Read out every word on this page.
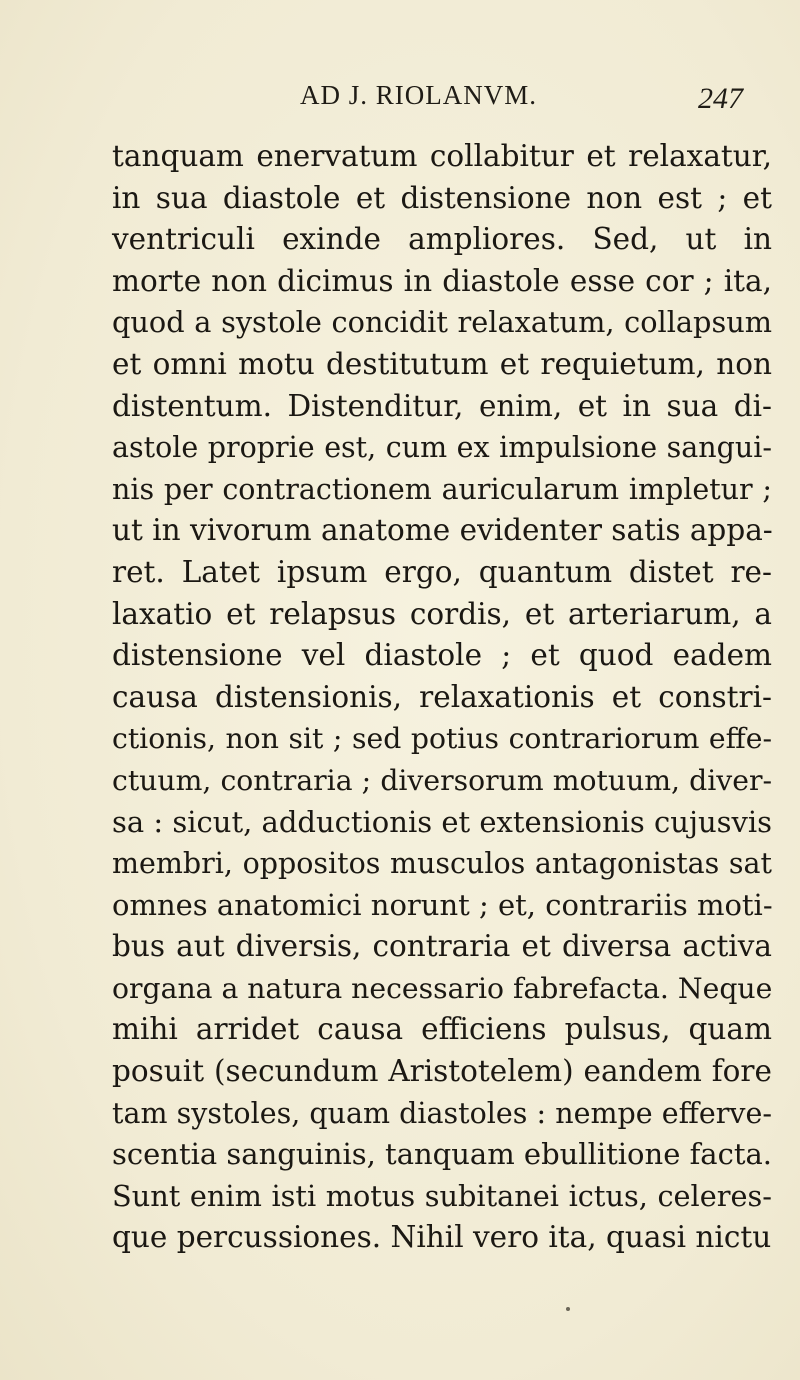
AD J. RIOLANVM.	247
tanquam enervatum collabitur et relaxatur,
in sua diastole et distensione non est ; et
ventriculi exinde ampliores. Sed, ut in
morte non dicimus in diastole esse cor ; ita,
quod a systole concidit relaxatum, collapsum
et omni motu destitutum et requietum, non
distentum. Distenditur, enim, et in sua di-
astole proprie est, cum ex impulsione sangui-
nis per contractionem auricularum impletur ;
ut in vivorum anatome evidenter satis appa-
ret. Latet ipsum ergo, quantum distet re-
laxatio et relapsus cordis, et arteriarum, a
distensione vel diastole ; et quod eadem
causa distensionis, relaxationis et constri-
ctionis, non sit ; sed potius contrariorum effe-
ctuum, contraria ; diversorum motuum, diver-
sa : sicut, adductionis et extensionis cujusvis
membri, oppositos musculos antagonistas sat
omnes anatomici norunt ; et, contrariis moti-
bus aut diversis, contraria et diversa activa
organa a natura necessario fabrefacta. Neque
mihi arridet causa efficiens pulsus, quam
posuit (secundum Aristotelem) eandem fore
tam systoles, quam diastoles : nempe efferve-
scentia sanguinis, tanquam ebullitione facta.
Sunt enim isti motus subitanei ictus, celeres-
que percussiones. Nihil vero ita, quasi nictu
